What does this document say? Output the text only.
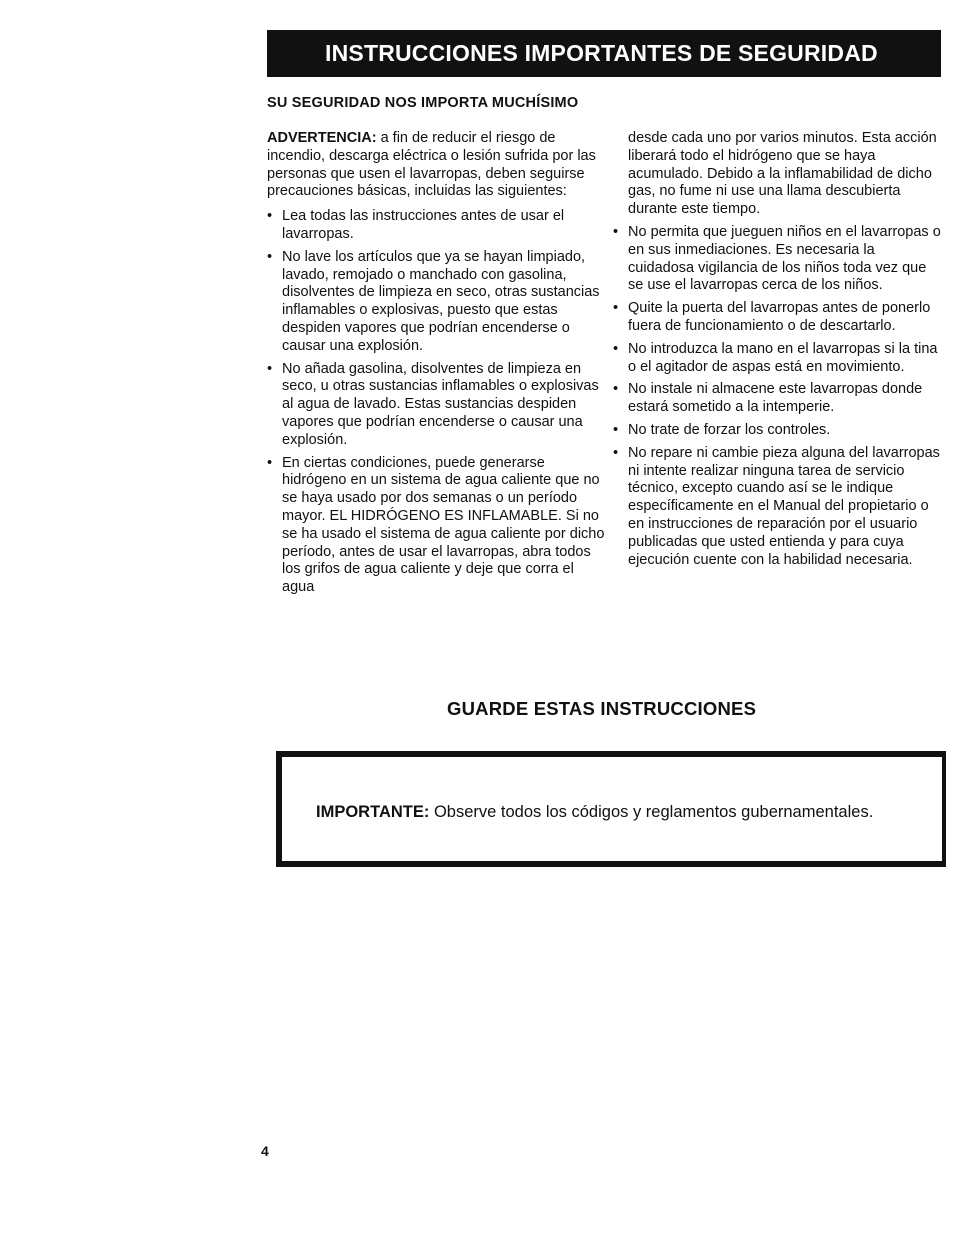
INSTRUCCIONES IMPORTANTES DE SEGURIDAD
SU SEGURIDAD NOS IMPORTA MUCHÍSIMO

ADVERTENCIA: a fin de reducir el riesgo de incendio, descarga eléctrica o lesión sufrida por las personas que usen el lavarropas, deben seguirse precauciones básicas, incluidas las siguientes:

• Lea todas las instrucciones antes de usar el lavarropas.
• No lave los artículos que ya se hayan limpiado, lavado, remojado o manchado con gasolina, disolventes de limpieza en seco, otras sustancias inflamables o explosivas, puesto que estas despiden vapores que podrían encenderse o causar una explosión.
• No añada gasolina, disolventes de limpieza en seco, u otras sustancias inflamables o explosivas al agua de lavado. Estas sustancias despiden vapores que podrían encenderse o causar una explosión.
• En ciertas condiciones, puede generarse hidrógeno en un sistema de agua caliente que no se haya usado por dos semanas o un período mayor. EL HIDRÓGENO ES INFLAMABLE. Si no se ha usado el sistema de agua caliente por dicho período, antes de usar el lavarropas, abra todos los grifos de agua caliente y deje que corra el agua

desde cada uno por varios minutos. Esta acción liberará todo el hidrógeno que se haya acumulado. Debido a la inflamabilidad de dicho gas, no fume ni use una llama descubierta durante este tiempo.

• No permita que jueguen niños en el lavarropas o en sus inmediaciones. Es necesaria la cuidadosa vigilancia de los niños toda vez que se use el lavarropas cerca de los niños.
• Quite la puerta del lavarropas antes de ponerlo fuera de funcionamiento o de descartarlo.
• No introduzca la mano en el lavarropas si la tina o el agitador de aspas está en movimiento.
• No instale ni almacene este lavarropas donde estará sometido a la intemperie.
• No trate de forzar los controles.
• No repare ni cambie pieza alguna del lavarropas ni intente realizar ninguna tarea de servicio técnico, excepto cuando así se le indique específicamente en el Manual del propietario o en instrucciones de reparación por el usuario publicadas que usted entienda y para cuya ejecución cuente con la habilidad necesaria.
GUARDE ESTAS INSTRUCCIONES
IMPORTANTE: Observe todos los códigos y reglamentos gubernamentales.
4
